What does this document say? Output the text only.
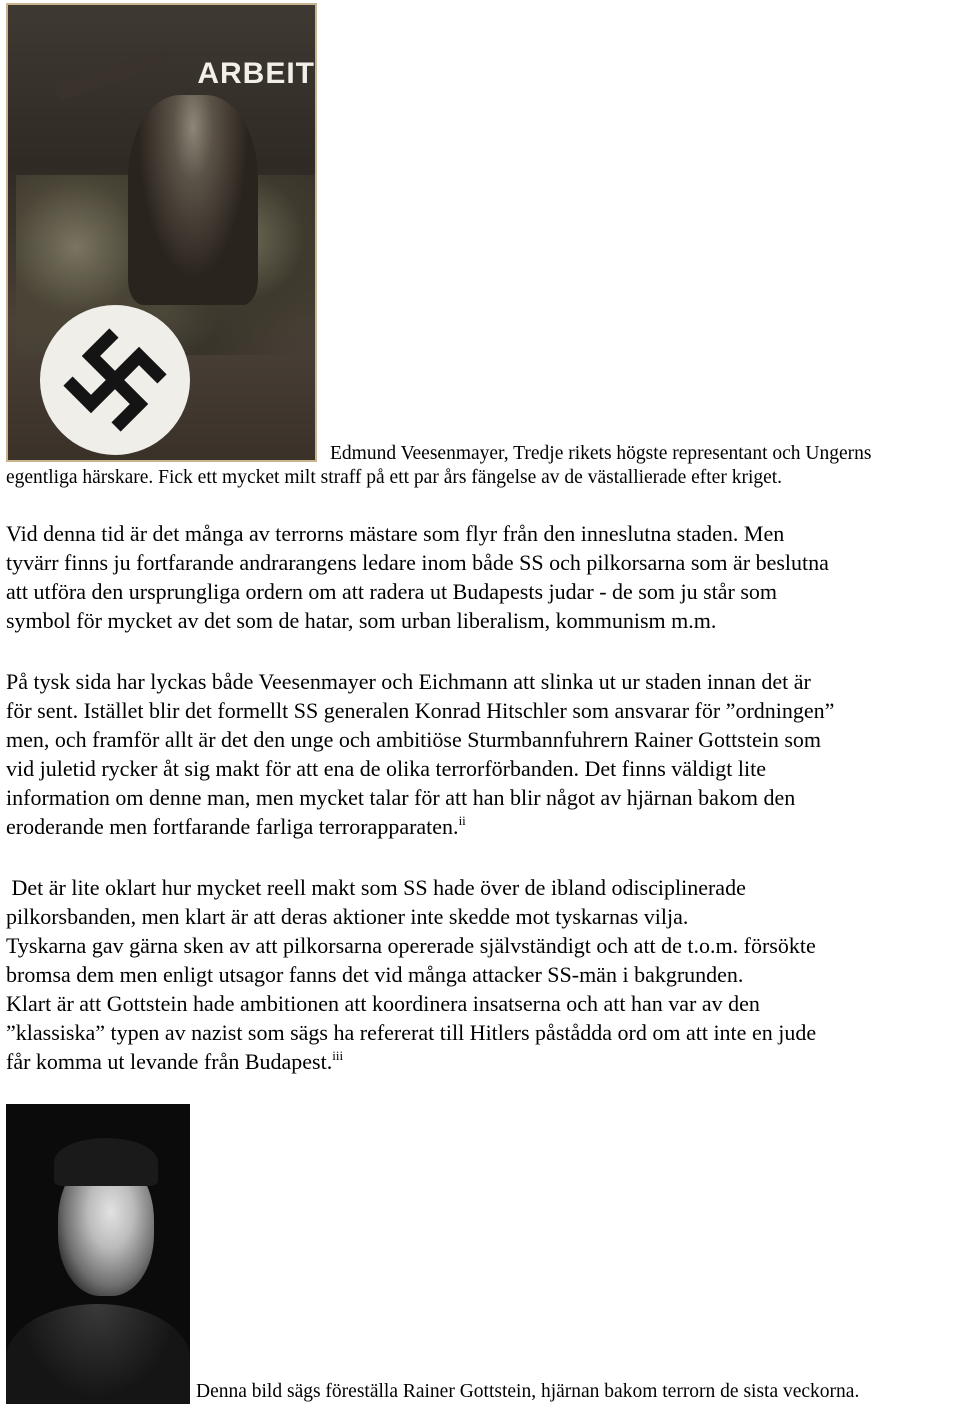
ARBEIT
Edmund Veesenmayer, Tredje rikets högste representant och Ungerns
egentliga härskare. Fick ett mycket milt straff på ett par års fängelse av de västallierade efter kriget.
Vid denna tid är det många av terrorns mästare som flyr från den inneslutna staden. Men
tyvärr finns ju fortfarande andrarangens ledare inom både SS och pilkorsarna som är beslutna
att utföra den ursprungliga ordern om att radera ut Budapests judar - de som ju står som
symbol för mycket av det som de hatar, som urban liberalism, kommunism m.m.
På tysk sida har lyckas både Veesenmayer och Eichmann att slinka ut ur staden innan det är
för sent. Istället blir det formellt SS generalen Konrad Hitschler som ansvarar för ”ordningen”
men, och framför allt är det den unge och ambitiöse Sturmbannfuhrern Rainer Gottstein som
vid juletid rycker åt sig makt för att ena de olika terrorförbanden. Det finns väldigt lite
information om denne man, men mycket talar för att han blir något av hjärnan bakom den
eroderande men fortfarande farliga terrorapparaten.$^{ii}$
Det är lite oklart hur mycket reell makt som SS hade över de ibland odisciplinerade
pilkorsbanden, men klart är att deras aktioner inte skedde mot tyskarnas vilja.
Tyskarna gav gärna sken av att pilkorsarna opererade självständigt och att de t.o.m. försökte
bromsa dem men enligt utsagor fanns det vid många attacker SS-män i bakgrunden.
Klart är att Gottstein hade ambitionen att koordinera insatserna och att han var av den
”klassiska” typen av nazist som sägs ha refererat till Hitlers påstådda ord om att inte en jude
får komma ut levande från Budapest.$^{iii}$
Denna bild sägs föreställa Rainer Gottstein, hjärnan bakom terrorn de sista veckorna.
